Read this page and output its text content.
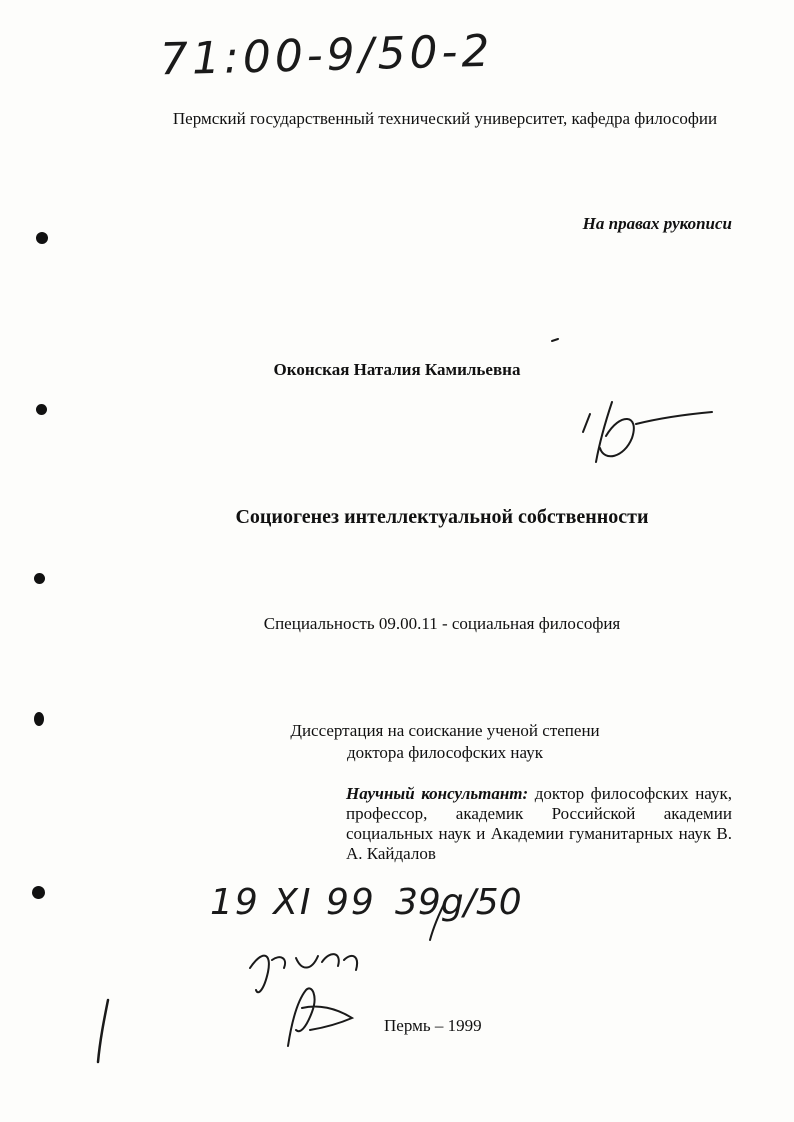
71:00-9/50-2
Пермский государственный технический университет, кафедра философии
На правах рукописи
Оконская Наталия Камильевна
Социогенез интеллектуальной собственности
Специальность 09.00.11 - социальная философия
Диссертация на соискание ученой степени
доктора философских наук
Научный консультант: доктор философских наук, профессор, академик Российской академии социальных наук и Академии гуманитарных наук В. А. Кайдалов
19 XI 99 39g/50
Пермь – 1999
